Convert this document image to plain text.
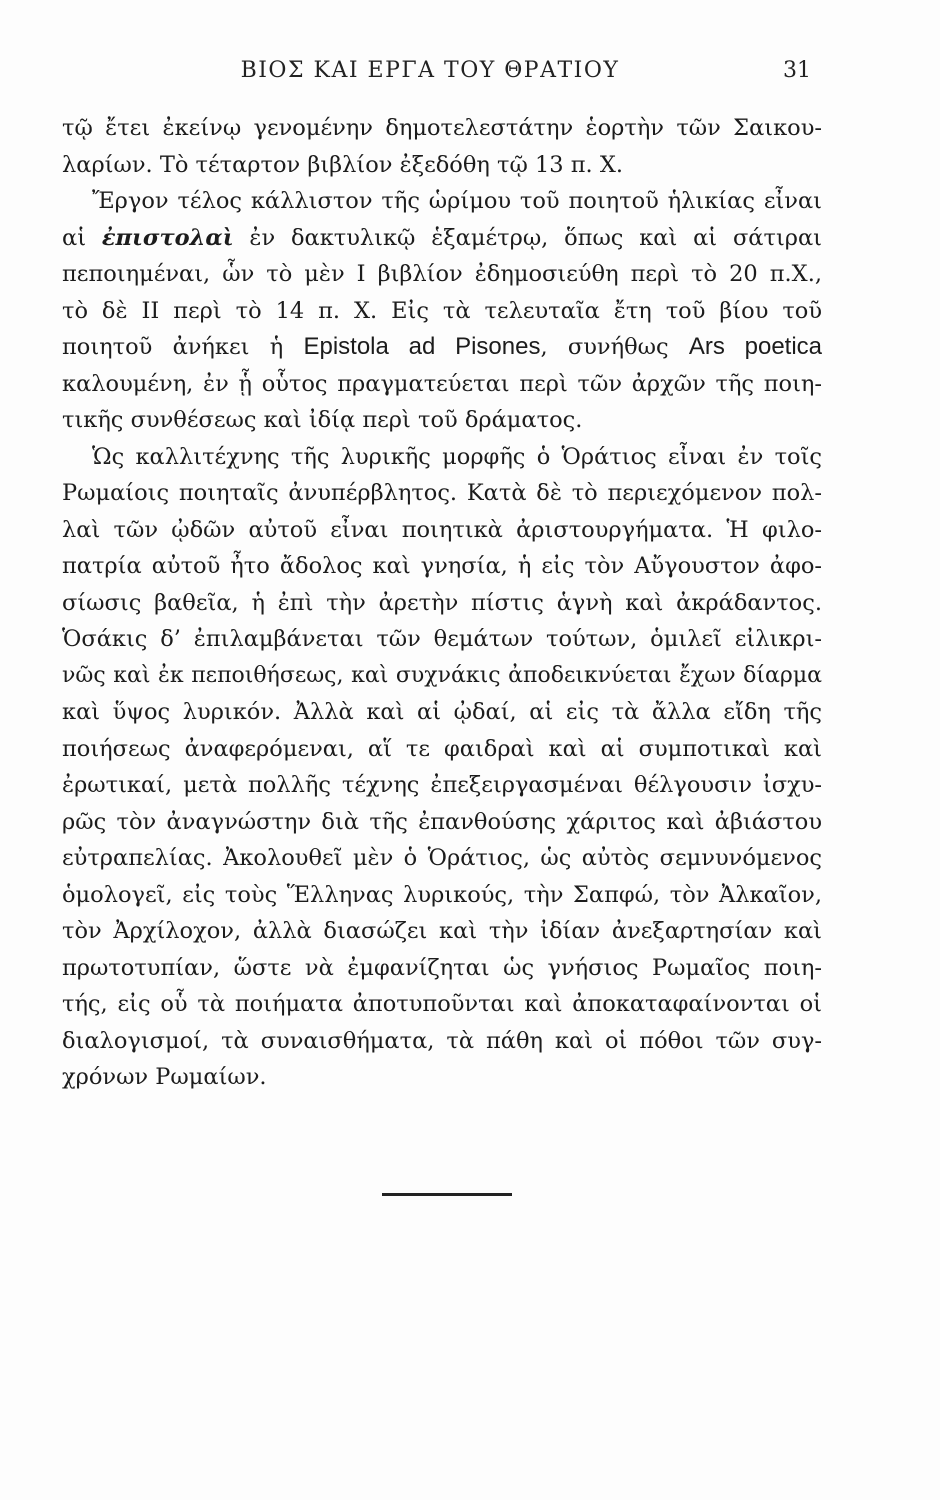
ΒΙΟΣ ΚΑΙ ΕΡΓΑ ΤΟΥ ΘΡΑΤΙΟΥ	31
τῷ ἔτει ἐκείνῳ γενομένην δημοτελεστάτην ἑορτὴν τῶν Σαικου-
λαρίων. Τὸ τέταρτον βιβλίον ἐξεδόθη τῷ 13 π. Χ.
Ἔργον τέλος κάλλιστον τῆς ὡρίμου τοῦ ποιητοῦ ἡλικίας εἶναι
αἱ ἐπιστολαὶ ἐν δακτυλικῷ ἑξαμέτρῳ, ὅπως καὶ αἱ σάτιραι
πεποιημέναι, ὧν τὸ μὲν Ι βιβλίον ἐδημοσιεύθη περὶ τὸ 20 π.Χ.,
τὸ δὲ ΙΙ περὶ τὸ 14 π. Χ. Εἰς τὰ τελευταῖα ἔτη τοῦ βίου τοῦ
ποιητοῦ ἀνήκει ἡ Epistola ad Pisones, συνήθως Ars poetica
καλουμένη, ἐν ᾗ οὗτος πραγματεύεται περὶ τῶν ἀρχῶν τῆς ποιη-
τικῆς συνθέσεως καὶ ἰδίᾳ περὶ τοῦ δράματος.
Ὡς καλλιτέχνης τῆς λυρικῆς μορφῆς ὁ Ὁράτιος εἶναι ἐν τοῖς
Ρωμαίοις ποιηταῖς ἀνυπέρβλητος. Κατὰ δὲ τὸ περιεχόμενον πολ-
λαὶ τῶν ᾠδῶν αὐτοῦ εἶναι ποιητικὰ ἀριστουργήματα. Ἡ φιλο-
πατρία αὐτοῦ ἦτο ἄδολος καὶ γνησία, ἡ εἰς τὸν Αὔγουστον ἀφο-
σίωσις βαθεῖα, ἡ ἐπὶ τὴν ἀρετὴν πίστις ἁγνὴ καὶ ἀκράδαντος.
Ὁσάκις δ’ ἐπιλαμβάνεται τῶν θεμάτων τούτων, ὁμιλεῖ εἰλικρι-
νῶς καὶ ἐκ πεποιθήσεως, καὶ συχνάκις ἀποδεικνύεται ἔχων δίαρμα
καὶ ὕψος λυρικόν. Ἀλλὰ καὶ αἱ ᾠδαί, αἱ εἰς τὰ ἄλλα εἴδη τῆς
ποιήσεως ἀναφερόμεναι, αἵ τε φαιδραὶ καὶ αἱ συμποτικαὶ καὶ
ἐρωτικαί, μετὰ πολλῆς τέχνης ἐπεξειργασμέναι θέλγουσιν ἰσχυ-
ρῶς τὸν ἀναγνώστην διὰ τῆς ἐπανθούσης χάριτος καὶ ἀβιάστου
εὐτραπελίας. Ἀκολουθεῖ μὲν ὁ Ὁράτιος, ὡς αὐτὸς σεμνυνόμενος
ὁμολογεῖ, εἰς τοὺς Ἕλληνας λυρικούς, τὴν Σαπφώ, τὸν Ἀλκαῖον,
τὸν Ἀρχίλοχον, ἀλλὰ διασώζει καὶ τὴν ἰδίαν ἀνεξαρτησίαν καὶ
πρωτοτυπίαν, ὥστε νὰ ἐμφανίζηται ὡς γνήσιος Ρωμαῖος ποιη-
τής, εἰς οὗ τὰ ποιήματα ἀποτυποῦνται καὶ ἀποκαταφαίνονται οἱ
διαλογισμοί, τὰ συναισθήματα, τὰ πάθη καὶ οἱ πόθοι τῶν συγ-
χρόνων Ρωμαίων.
